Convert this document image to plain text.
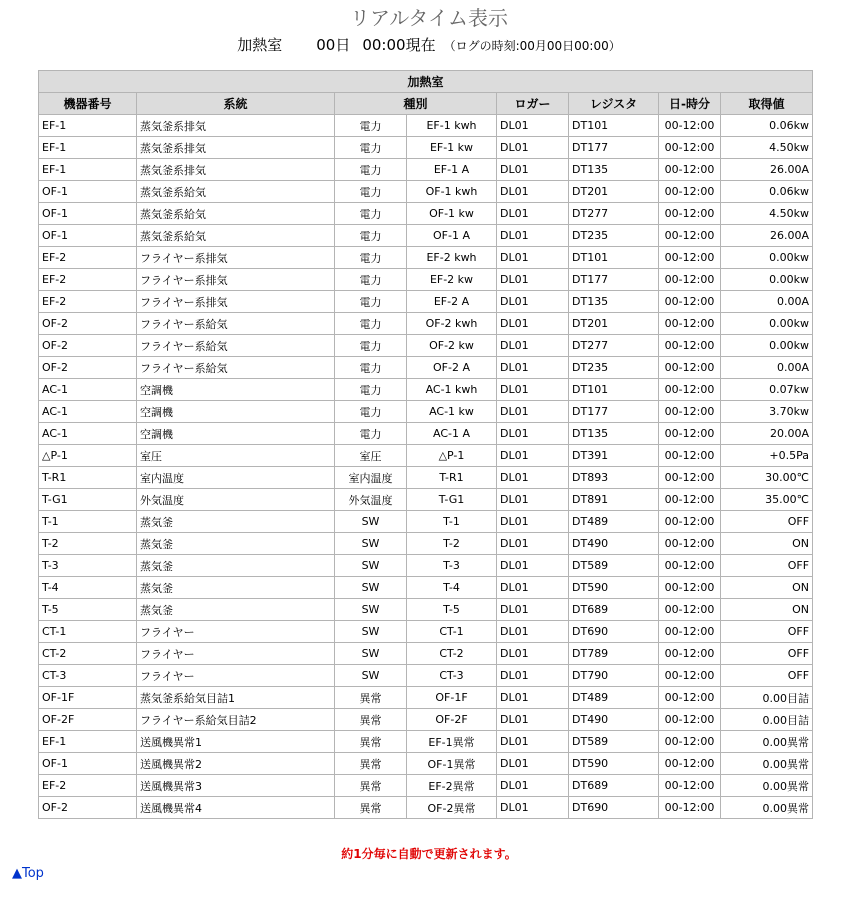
リアルタイム表示
加熱室 00日 00:00現在 （ログの時刻:00月00日00:00）
加熱室							
機器番号	系統	種別		ロガー	レジスタ	日-時分	取得値
EF-1	蒸気釜系排気	電力	EF-1 kwh	DL01	DT101	00-12:00	0.06kw
EF-1	蒸気釜系排気	電力	EF-1 kw	DL01	DT177	00-12:00	4.50kw
EF-1	蒸気釜系排気	電力	EF-1 A	DL01	DT135	00-12:00	26.00A
OF-1	蒸気釜系給気	電力	OF-1 kwh	DL01	DT201	00-12:00	0.06kw
OF-1	蒸気釜系給気	電力	OF-1 kw	DL01	DT277	00-12:00	4.50kw
OF-1	蒸気釜系給気	電力	OF-1 A	DL01	DT235	00-12:00	26.00A
EF-2	フライヤー系排気	電力	EF-2 kwh	DL01	DT101	00-12:00	0.00kw
EF-2	フライヤー系排気	電力	EF-2 kw	DL01	DT177	00-12:00	0.00kw
EF-2	フライヤー系排気	電力	EF-2 A	DL01	DT135	00-12:00	0.00A
OF-2	フライヤー系給気	電力	OF-2 kwh	DL01	DT201	00-12:00	0.00kw
OF-2	フライヤー系給気	電力	OF-2 kw	DL01	DT277	00-12:00	0.00kw
OF-2	フライヤー系給気	電力	OF-2 A	DL01	DT235	00-12:00	0.00A
AC-1	空調機	電力	AC-1 kwh	DL01	DT101	00-12:00	0.07kw
AC-1	空調機	電力	AC-1 kw	DL01	DT177	00-12:00	3.70kw
AC-1	空調機	電力	AC-1 A	DL01	DT135	00-12:00	20.00A
△P-1	室圧	室圧	△P-1	DL01	DT391	00-12:00	+0.5Pa
T-R1	室内温度	室内温度	T-R1	DL01	DT893	00-12:00	30.00℃
T-G1	外気温度	外気温度	T-G1	DL01	DT891	00-12:00	35.00℃
T-1	蒸気釜	SW	T-1	DL01	DT489	00-12:00	OFF
T-2	蒸気釜	SW	T-2	DL01	DT490	00-12:00	ON
T-3	蒸気釜	SW	T-3	DL01	DT589	00-12:00	OFF
T-4	蒸気釜	SW	T-4	DL01	DT590	00-12:00	ON
T-5	蒸気釜	SW	T-5	DL01	DT689	00-12:00	ON
CT-1	フライヤー	SW	CT-1	DL01	DT690	00-12:00	OFF
CT-2	フライヤー	SW	CT-2	DL01	DT789	00-12:00	OFF
CT-3	フライヤー	SW	CT-3	DL01	DT790	00-12:00	OFF
OF-1F	蒸気釜系給気目詰1	異常	OF-1F	DL01	DT489	00-12:00	0.00目詰
OF-2F	フライヤー系給気目詰2	異常	OF-2F	DL01	DT490	00-12:00	0.00目詰
EF-1	送風機異常1	異常	EF-1異常	DL01	DT589	00-12:00	0.00異常
OF-1	送風機異常2	異常	OF-1異常	DL01	DT590	00-12:00	0.00異常
EF-2	送風機異常3	異常	EF-2異常	DL01	DT689	00-12:00	0.00異常
OF-2	送風機異常4	異常	OF-2異常	DL01	DT690	00-12:00	0.00異常
約1分毎に自動で更新されます。
▲Top
